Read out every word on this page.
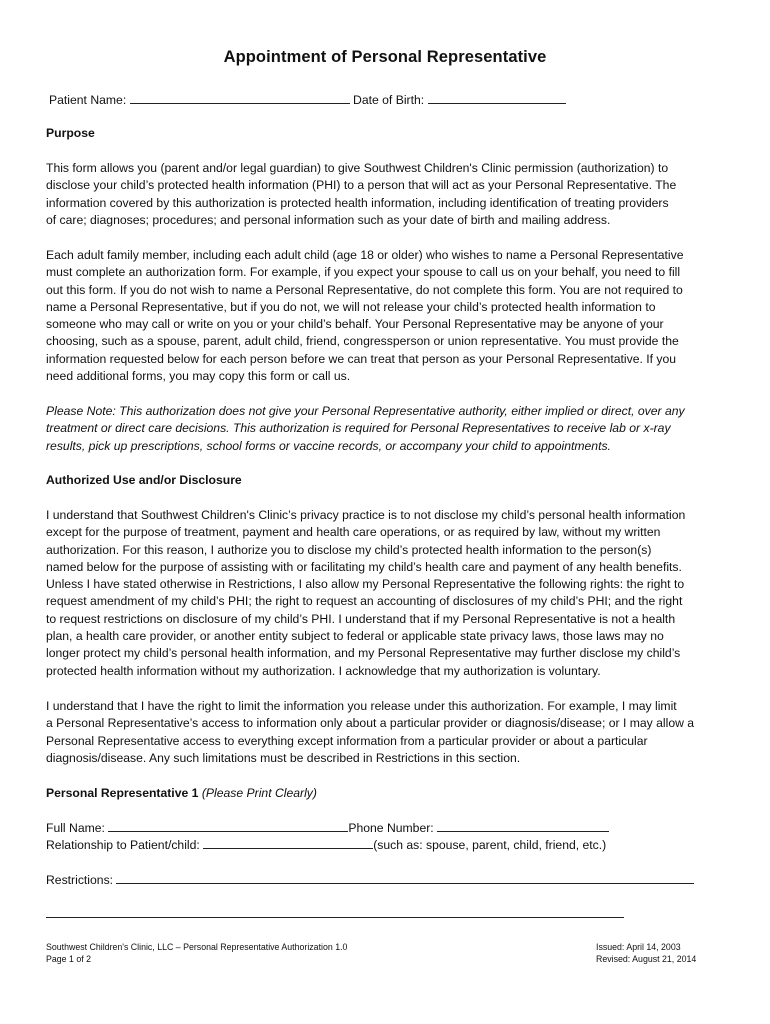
Appointment of Personal Representative
Patient Name:	Date of Birth:
Purpose
This form allows you (parent and/or legal guardian) to give Southwest Children's Clinic permission (authorization) to
disclose your child’s protected health information (PHI) to a person that will act as your Personal Representative. The
information covered by this authorization is protected health information, including identification of treating providers
of care; diagnoses; procedures; and personal information such as your date of birth and mailing address.
Each adult family member, including each adult child (age 18 or older) who wishes to name a Personal Representative
must complete an authorization form. For example, if you expect your spouse to call us on your behalf, you need to fill
out this form. If you do not wish to name a Personal Representative, do not complete this form. You are not required to
name a Personal Representative, but if you do not, we will not release your child’s protected health information to
someone who may call or write on you or your child’s behalf. Your Personal Representative may be anyone of your
choosing, such as a spouse, parent, adult child, friend, congressperson or union representative. You must provide the
information requested below for each person before we can treat that person as your Personal Representative. If you
need additional forms, you may copy this form or call us.
Please Note: This authorization does not give your Personal Representative authority, either implied or direct, over any
treatment or direct care decisions. This authorization is required for Personal Representatives to receive lab or x-ray
results, pick up prescriptions, school forms or vaccine records, or accompany your child to appointments.
Authorized Use and/or Disclosure
I understand that Southwest Children's Clinic’s privacy practice is to not disclose my child’s personal health information
except for the purpose of treatment, payment and health care operations, or as required by law, without my written
authorization. For this reason, I authorize you to disclose my child’s protected health information to the person(s)
named below for the purpose of assisting with or facilitating my child’s health care and payment of any health benefits.
Unless I have stated otherwise in Restrictions, I also allow my Personal Representative the following rights: the right to
request amendment of my child’s PHI; the right to request an accounting of disclosures of my child’s PHI; and the right
to request restrictions on disclosure of my child’s PHI. I understand that if my Personal Representative is not a health
plan, a health care provider, or another entity subject to federal or applicable state privacy laws, those laws may no
longer protect my child’s personal health information, and my Personal Representative may further disclose my child’s
protected health information without my authorization. I acknowledge that my authorization is voluntary.
I understand that I have the right to limit the information you release under this authorization. For example, I may limit
a Personal Representative’s access to information only about a particular provider or diagnosis/disease; or I may allow a
Personal Representative access to everything except information from a particular provider or about a particular
diagnosis/disease. Any such limitations must be described in Restrictions in this section.
Personal Representative 1 (Please Print Clearly)
Full Name:	Phone Number:
Relationship to Patient/child:	(such as: spouse, parent, child, friend, etc.)
Restrictions:
Southwest Children's Clinic, LLC – Personal Representative Authorization 1.0
Page 1 of 2
Issued: April 14, 2003
Revised: August 21, 2014
